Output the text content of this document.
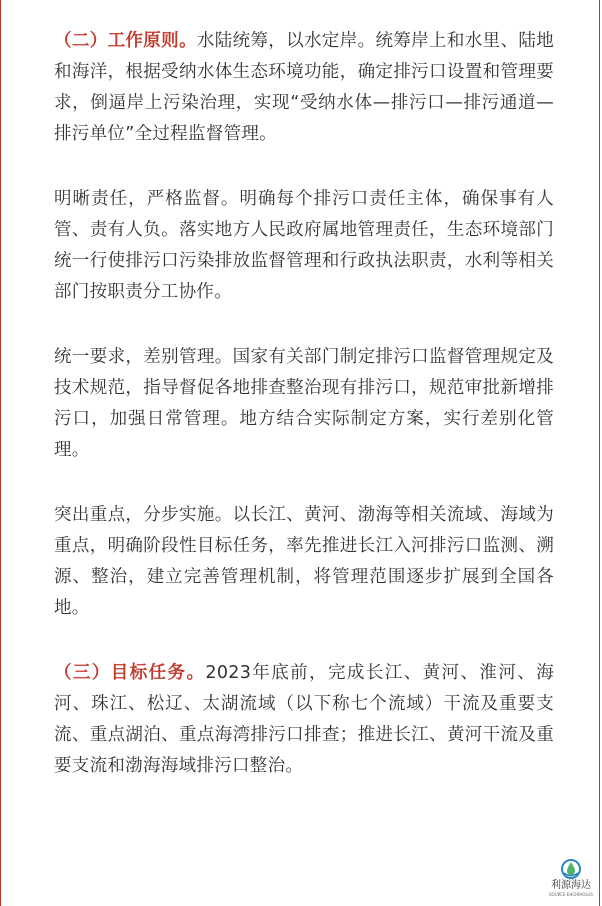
（二）工作原则。水陆统筹，以水定岸。统筹岸上和水里、陆地和海洋，根据受纳水体生态环境功能，确定排污口设置和管理要求，倒逼岸上污染治理，实现“受纳水体—排污口—排污通道—排污单位”全过程监督管理。

明晰责任，严格监督。明确每个排污口责任主体，确保事有人管、责有人负。落实地方人民政府属地管理责任，生态环境部门统一行使排污口污染排放监督管理和行政执法职责，水利等相关部门按职责分工协作。

统一要求，差别管理。国家有关部门制定排污口监督管理规定及技术规范，指导督促各地排查整治现有排污口，规范审批新增排污口，加强日常管理。地方结合实际制定方案，实行差别化管理。

突出重点，分步实施。以长江、黄河、渤海等相关流域、海域为重点，明确阶段性目标任务，率先推进长江入河排污口监测、溯源、整治，建立完善管理机制，将管理范围逐步扩展到全国各地。

（三）目标任务。2023年底前，完成长江、黄河、淮河、海河、珠江、松辽、太湖流域（以下称七个流域）干流及重要支流、重点湖泊、重点海湾排污口排查；推进长江、黄河干流及重要支流和渤海海域排污口整治。

利源海达
SOURCE EHCHIHOLUS
